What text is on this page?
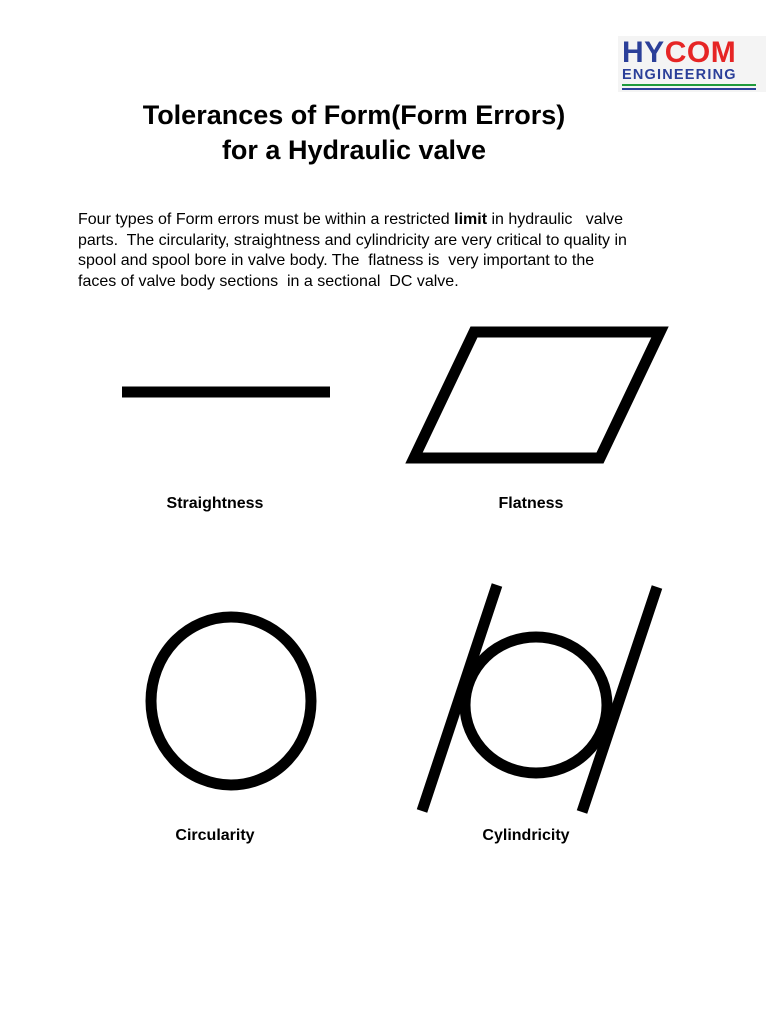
HYCOM
ENGINEERING
Tolerances of Form(Form Errors)
for a Hydraulic valve
Four types of Form errors must be within a restricted limit in hydraulic   valve
parts.  The circularity, straightness and cylindricity are very critical to quality in
spool and spool bore in valve body. The  flatness is  very important to the
faces of valve body sections  in a sectional  DC valve.
Straightness	Flatness
Circularity	Cylindricity
